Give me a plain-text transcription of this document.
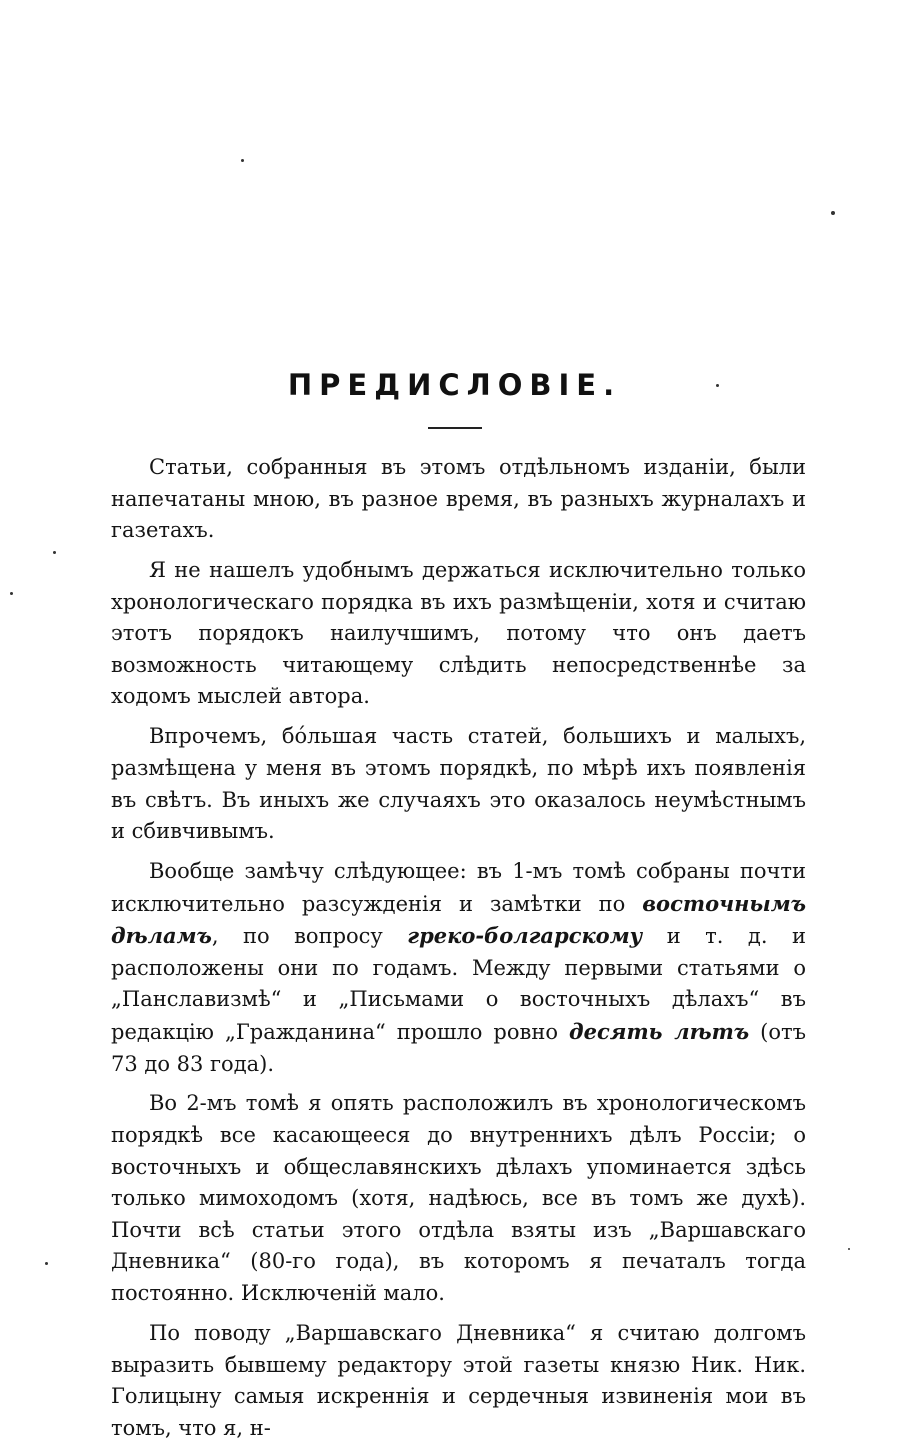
ПРЕДИСЛОВІЕ.

Статьи, собранныя въ этомъ отдѣльномъ изданіи, были напечатаны мною, въ разное время, въ разныхъ журналахъ и газетахъ.

Я не нашелъ удобнымъ держаться исключительно только хронологическаго порядка въ ихъ размѣщеніи, хотя и считаю этотъ порядокъ наилучшимъ, потому что онъ даетъ возможность читающему слѣдить непосредственнѣе за ходомъ мыслей автора.

Впрочемъ, бо́льшая часть статей, большихъ и малыхъ, размѣщена у меня въ этомъ порядкѣ, по мѣрѣ ихъ появленія въ свѣтъ. Въ иныхъ же случаяхъ это оказалось неумѣстнымъ и сбивчивымъ.

Вообще замѣчу слѣдующее: въ 1-мъ томѣ собраны почти исключительно разсужденія и замѣтки по восточнымъ дѣламъ, по вопросу греко-болгарскому и т. д. и расположены они по годамъ. Между первыми статьями о „Панславизмѣ“ и „Письмами о восточныхъ дѣлахъ“ въ редакцію „Гражданина“ прошло ровно десять лѣтъ (отъ 73 до 83 года).

Во 2-мъ томѣ я опять расположилъ въ хронологическомъ порядкѣ все касающееся до внутреннихъ дѣлъ Россіи; о восточныхъ и общеславянскихъ дѣлахъ упоминается здѣсь только мимоходомъ (хотя, надѣюсь, все въ томъ же духѣ). Почти всѣ статьи этого отдѣла взяты изъ „Варшавскаго Дневника“ (80-го года), въ которомъ я печаталъ тогда постоянно. Исключеній мало.

По поводу „Варшавскаго Дневника“ я считаю долгомъ выразить бывшему редактору этой газеты князю Ник. Ник. Голицыну самыя искреннія и сердечныя извиненія мои въ томъ, что я, н-
